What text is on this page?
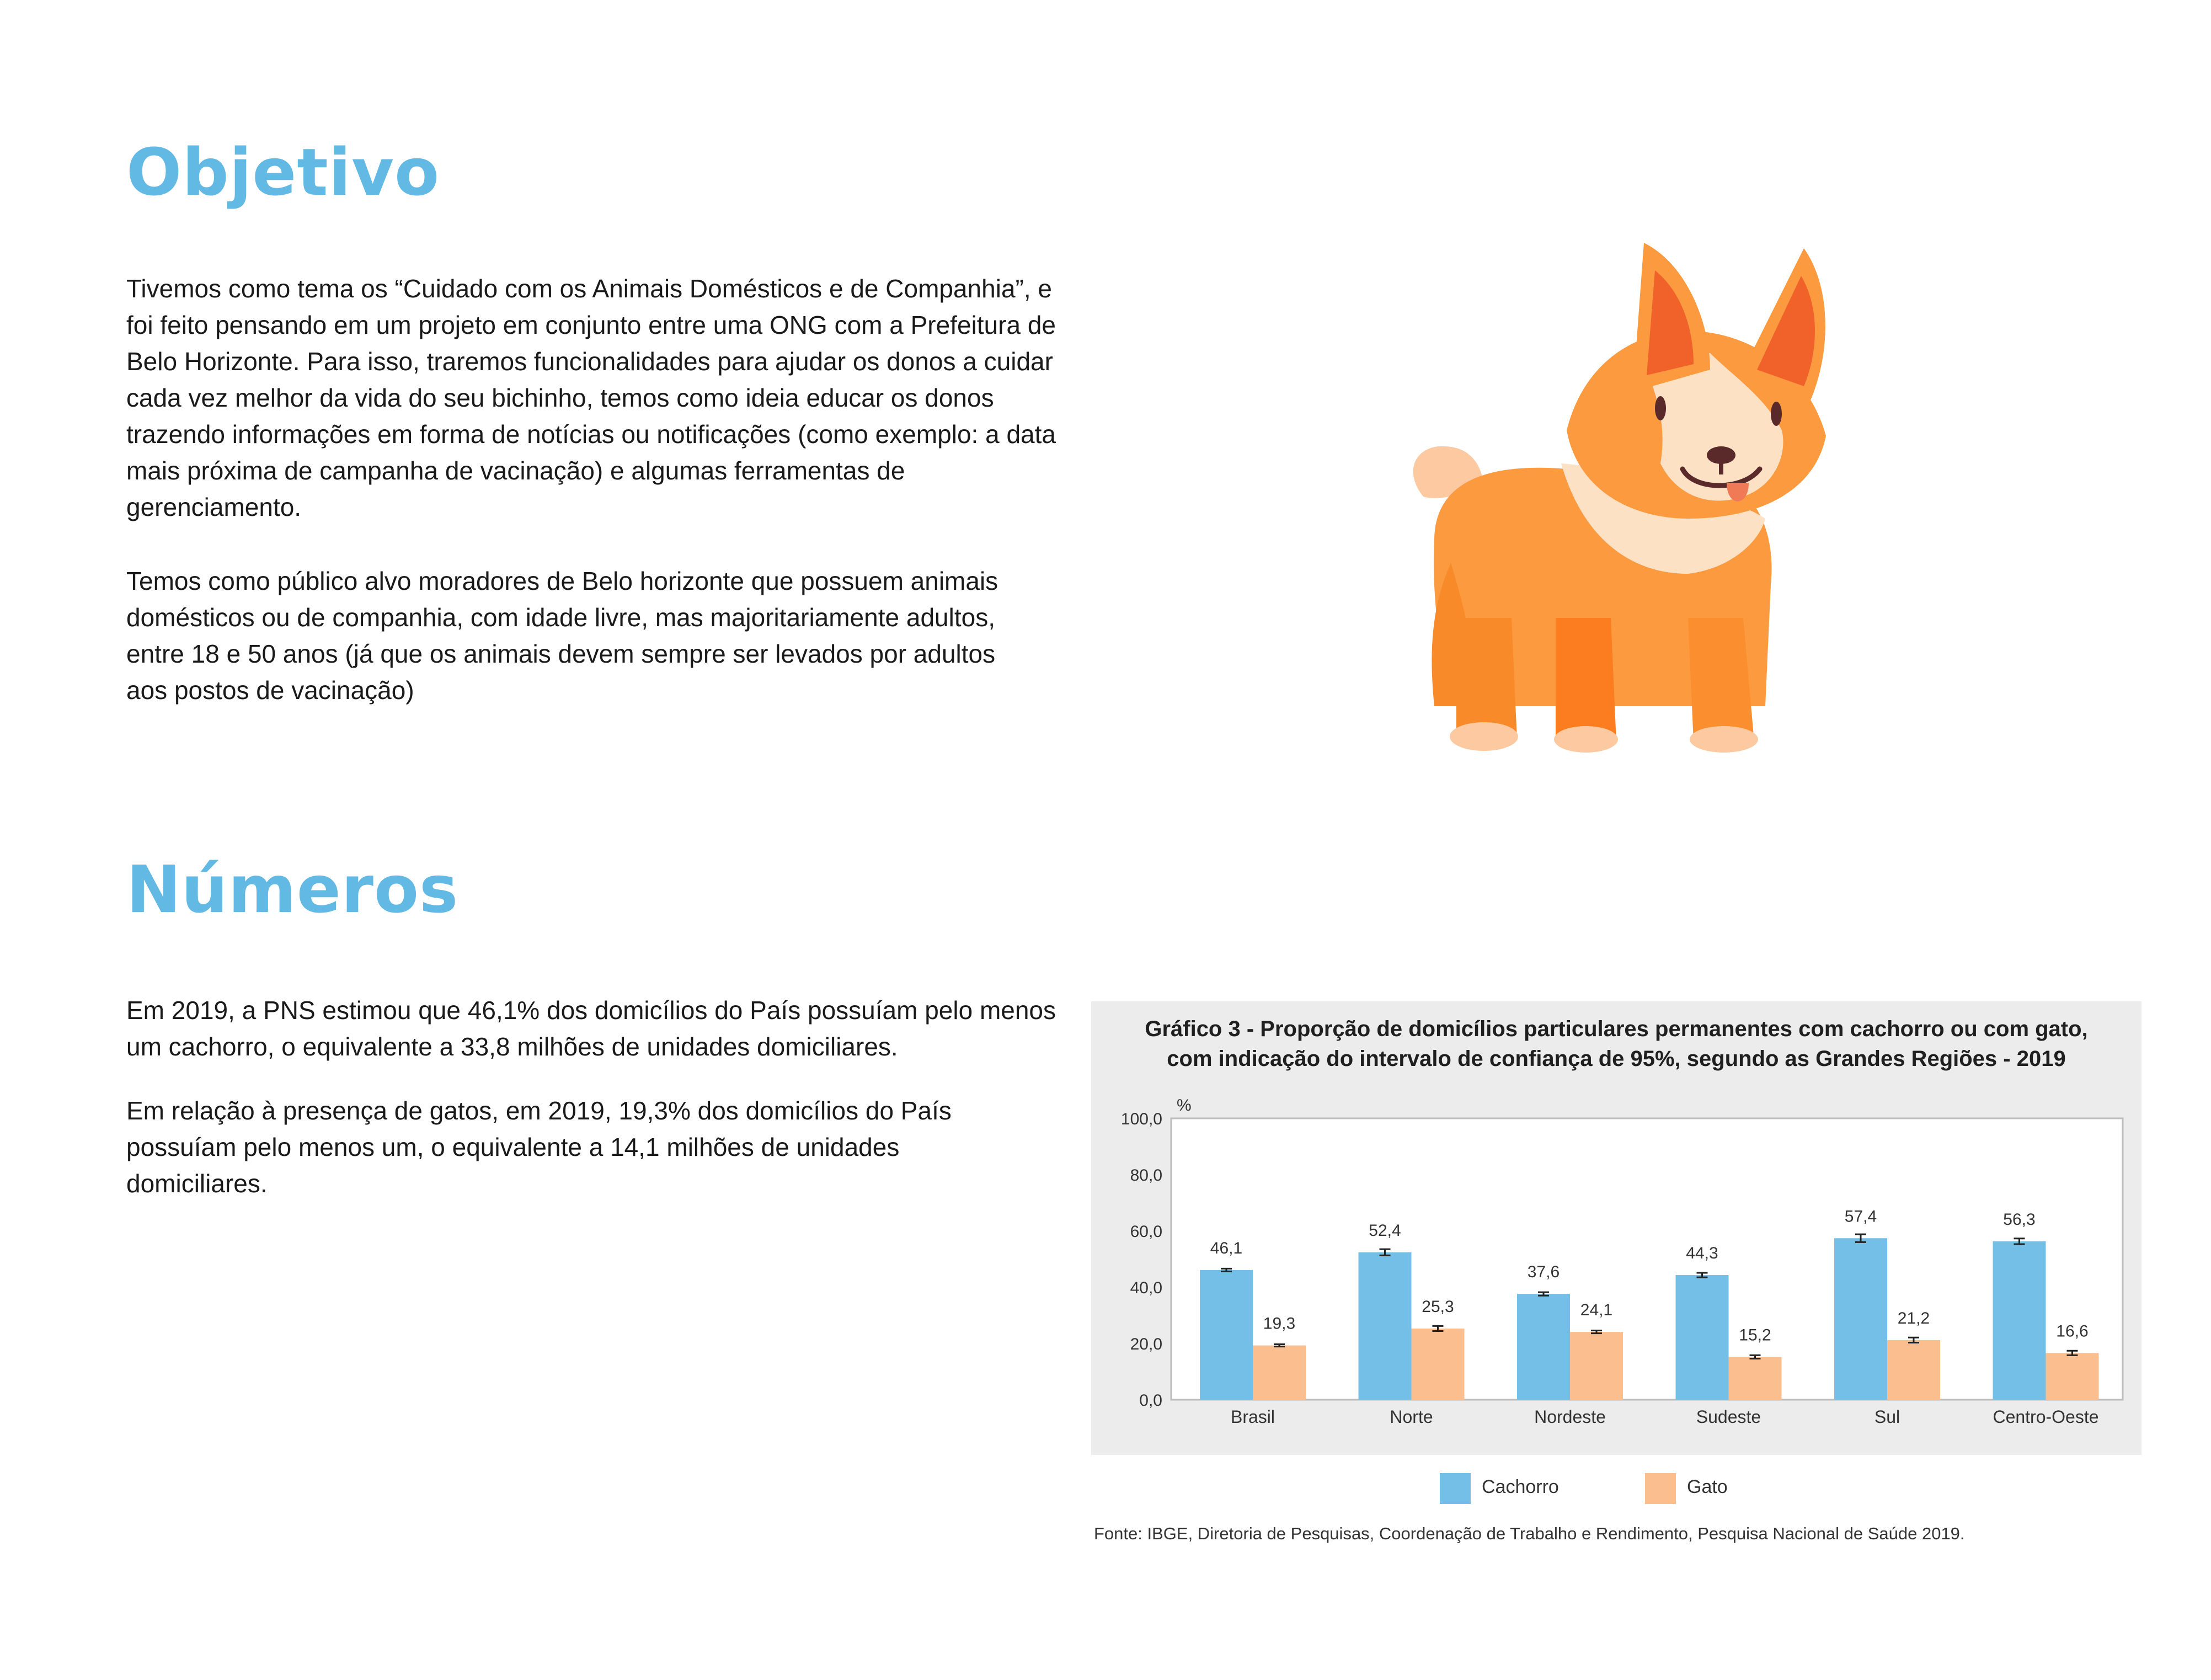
Objetivo

Tivemos como tema os “Cuidado com os Animais Domésticos e de Companhia”, e foi feito pensando em um projeto em conjunto entre uma ONG com a Prefeitura de Belo Horizonte. Para isso, traremos funcionalidades para ajudar os donos a cuidar cada vez melhor da vida do seu bichinho, temos como ideia educar os donos trazendo informações em forma de notícias ou notificações (como exemplo: a data mais próxima de campanha de vacinação) e algumas ferramentas de gerenciamento.

Temos como público alvo moradores de Belo horizonte que possuem animais domésticos ou de companhia, com idade livre, mas majoritariamente adultos, entre 18 e 50 anos (já que os animais devem sempre ser levados por adultos aos postos de vacinação)

Números

Em 2019, a PNS estimou que 46,1% dos domicílios do País possuíam pelo menos um cachorro, o equivalente a 33,8 milhões de unidades domiciliares.

Em relação à presença de gatos, em 2019, 19,3% dos domicílios do País possuíam pelo menos um, o equivalente a 14,1 milhões de unidades domiciliares.

Gráfico 3 - Proporção de domicílios particulares permanentes com cachorro ou com gato,

com indicação do intervalo de confiança de 95%, segundo as Grandes Regiões - 2019

%
0,0
20,0
40,0
60,0
80,0
100,0
46,1
19,3
Brasil
52,4
25,3
Norte
37,6
24,1
Nordeste
44,3
15,2
Sudeste
57,4
21,2
Sul
56,3
16,6
Centro-Oeste
Cachorro	Gato

Fonte: IBGE, Diretoria de Pesquisas, Coordenação de Trabalho e Rendimento, Pesquisa Nacional de Saúde 2019.
